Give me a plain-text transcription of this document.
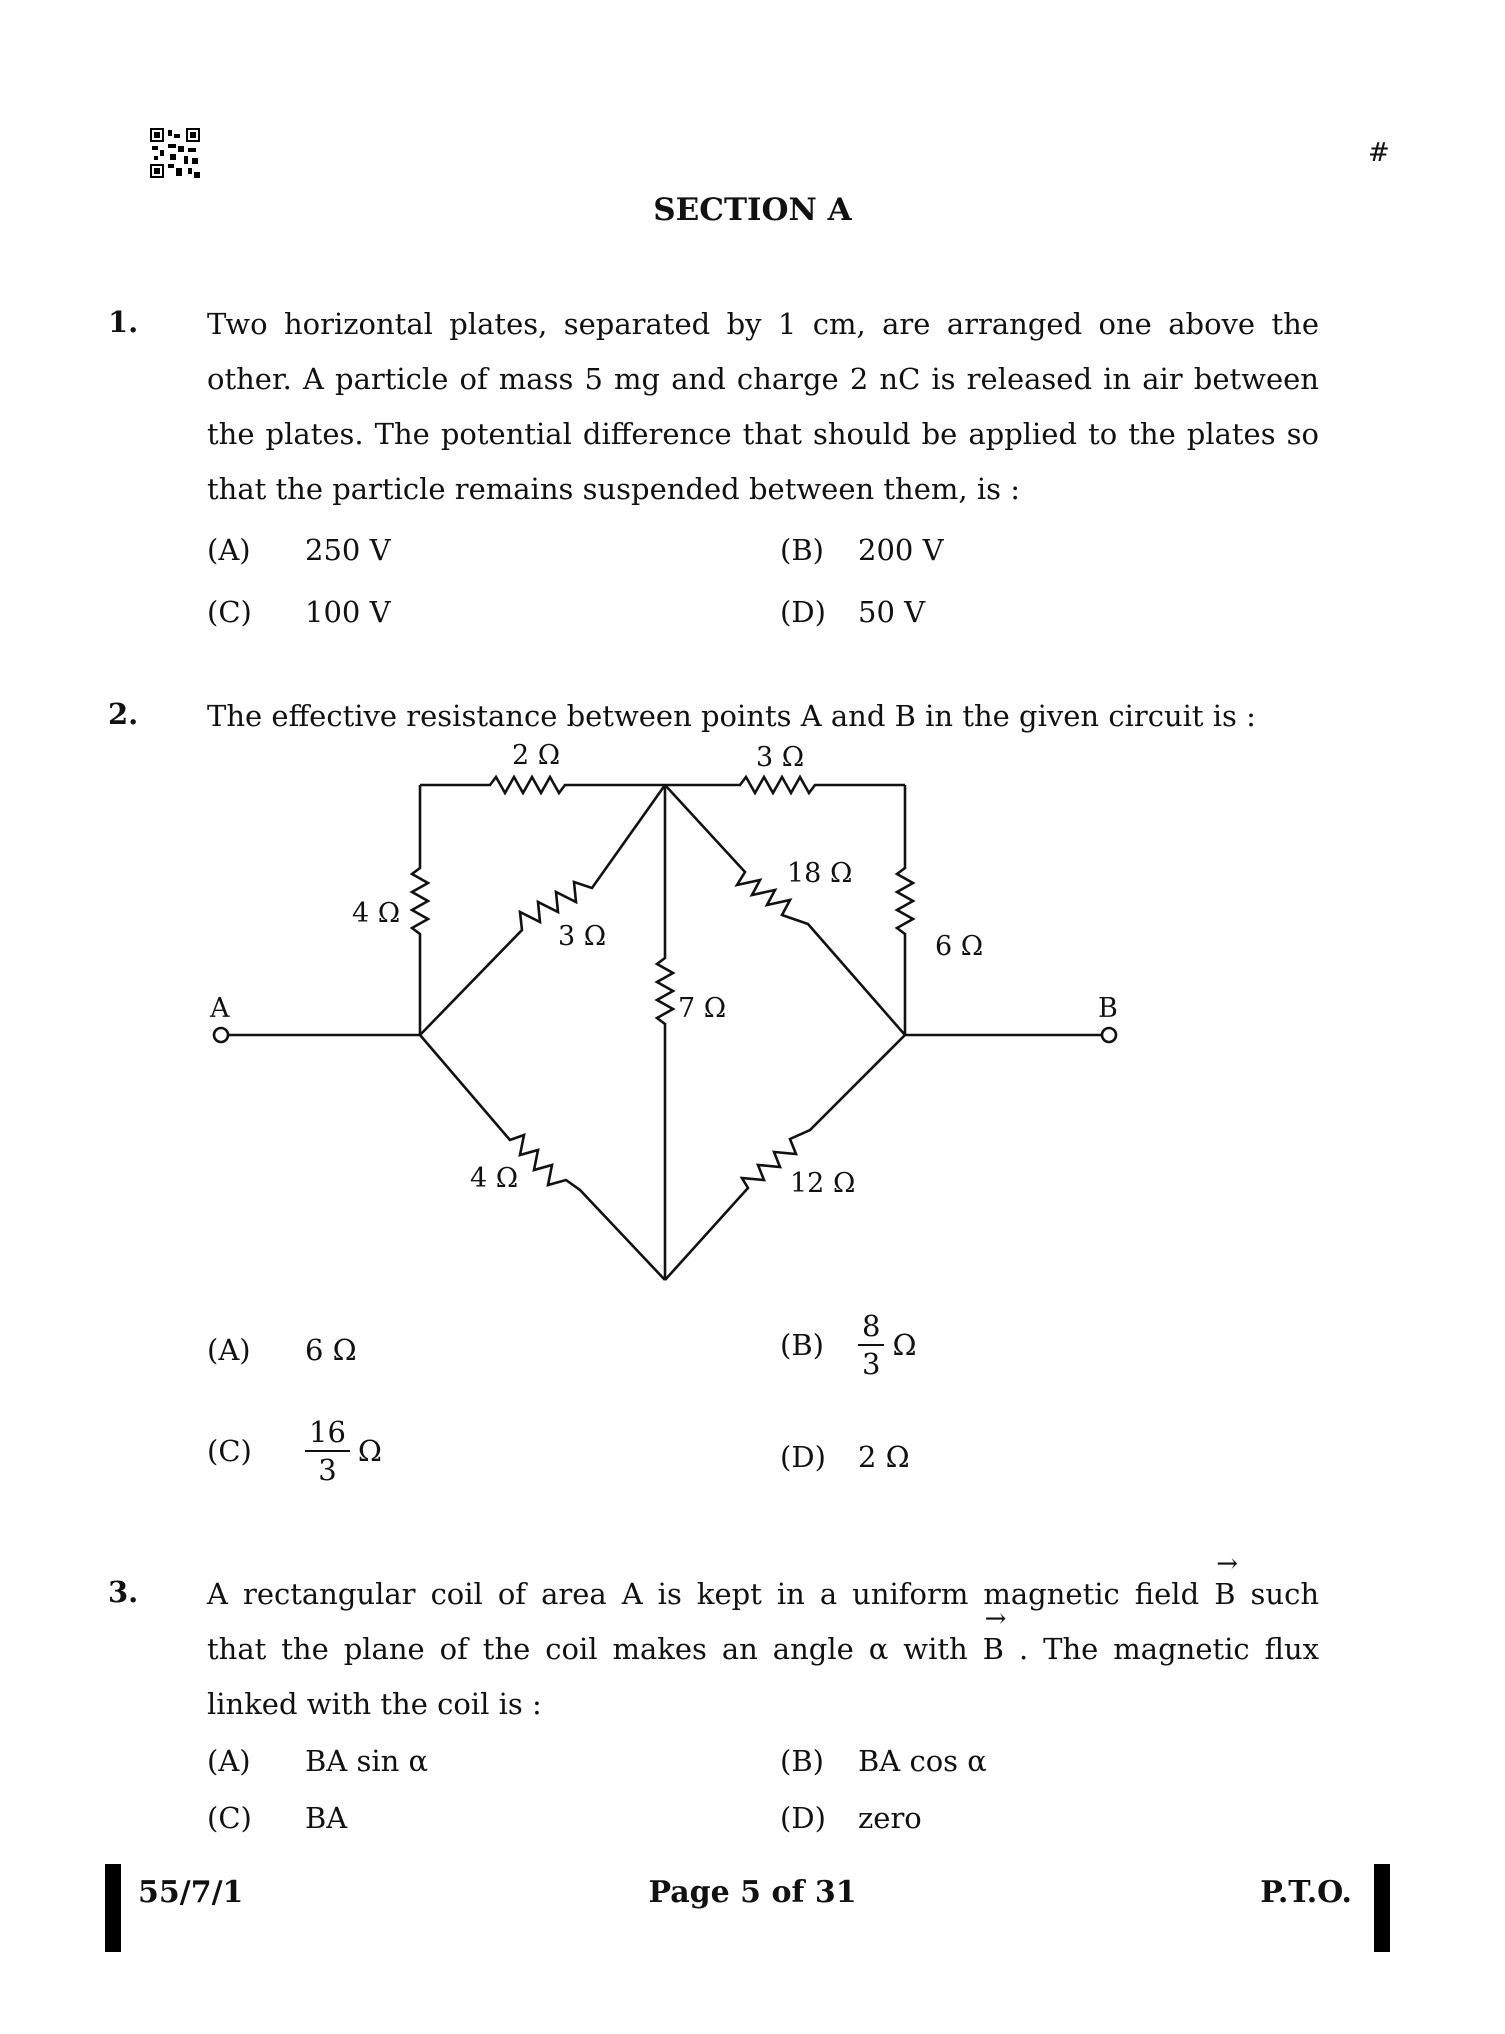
#
SECTION A
1. Two horizontal plates, separated by 1 cm, are arranged one above the
other. A particle of mass 5 mg and charge 2 nC is released in air between
the plates. The potential difference that should be applied to the plates so
that the particle remains suspended between them, is :
(A) 250 V	(B) 200 V
(C) 100 V	(D) 50 V
2. The effective resistance between points A and B in the given circuit is :
A	B
2 Ω	3 Ω
4 Ω
3 Ω
7 Ω
18 Ω
6 Ω
4 Ω	12 Ω
(A) 6 Ω	$(B) \frac{8}{3}$ Ω
$(C) \frac{16}{3}$ Ω	(D) 2 Ω
3. A rectangular coil of area A is kept in a uniform magnetic field → B such
that the plane of the coil makes an angle α with → B . The magnetic flux
linked with the coil is :
(A) BA sin α	(B) BA cos α
(C) BA	(D) zero
55/7/1	Page 5 of 31	P.T.O.
